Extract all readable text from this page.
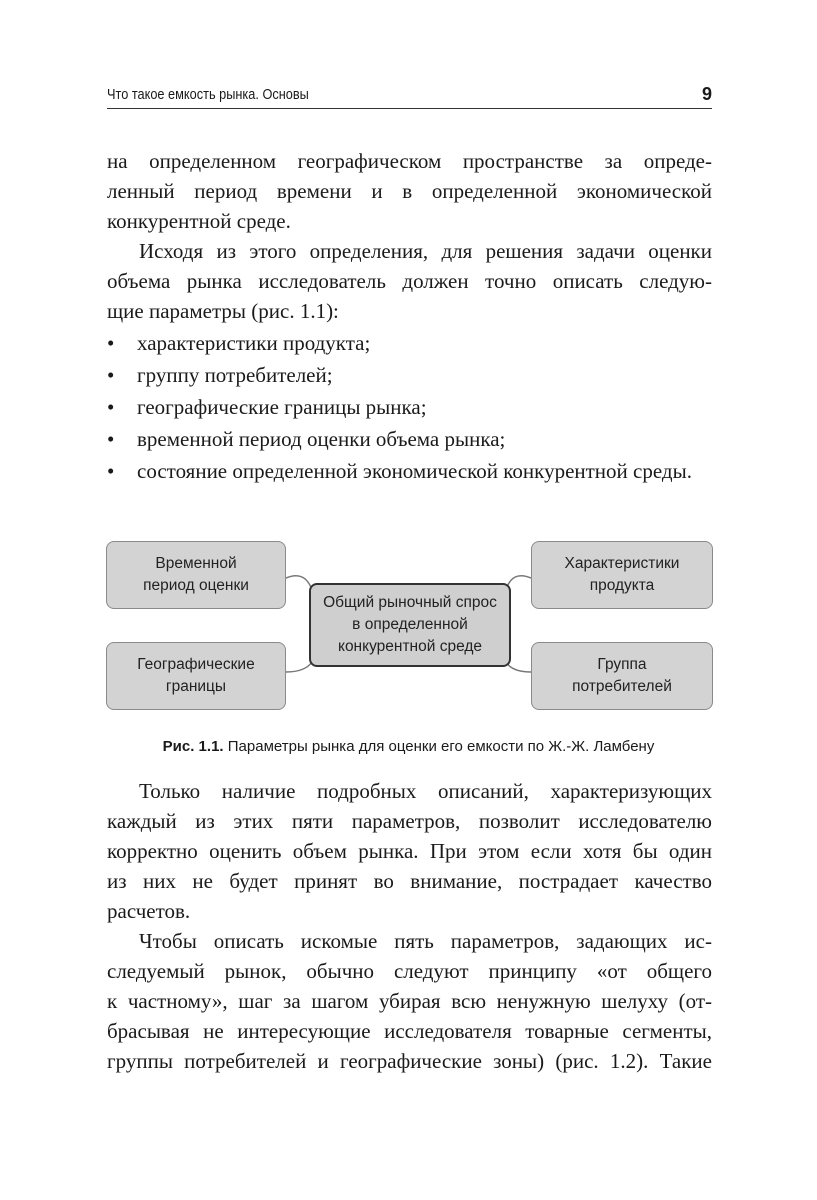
Что такое емкость рынка. Основы	9
на определенном географическом пространстве за опреде-
ленный период времени и в определенной экономической
конкурентной среде.
Исходя из этого определения, для решения задачи оценки
объема рынка исследователь должен точно описать следую-
щие параметры (рис. 1.1):
• характеристики продукта;
• группу потребителей;
• географические границы рынка;
• временной период оценки объема рынка;
• состояние определенной экономической конкурентной среды.
Временной период оценки
Географические границы
Характеристики продукта
Группа потребителей
Общий рыночный спрос в определенной конкурентной среде
Рис. 1.1. Параметры рынка для оценки его емкости по Ж.-Ж. Ламбену
Только наличие подробных описаний, характеризующих
каждый из этих пяти параметров, позволит исследователю
корректно оценить объем рынка. При этом если хотя бы один
из них не будет принят во внимание, пострадает качество
расчетов.
Чтобы описать искомые пять параметров, задающих ис-
следуемый рынок, обычно следуют принципу «от общего
к частному», шаг за шагом убирая всю ненужную шелуху (от-
брасывая не интересующие исследователя товарные сегменты,
группы потребителей и географические зоны) (рис. 1.2). Такие
